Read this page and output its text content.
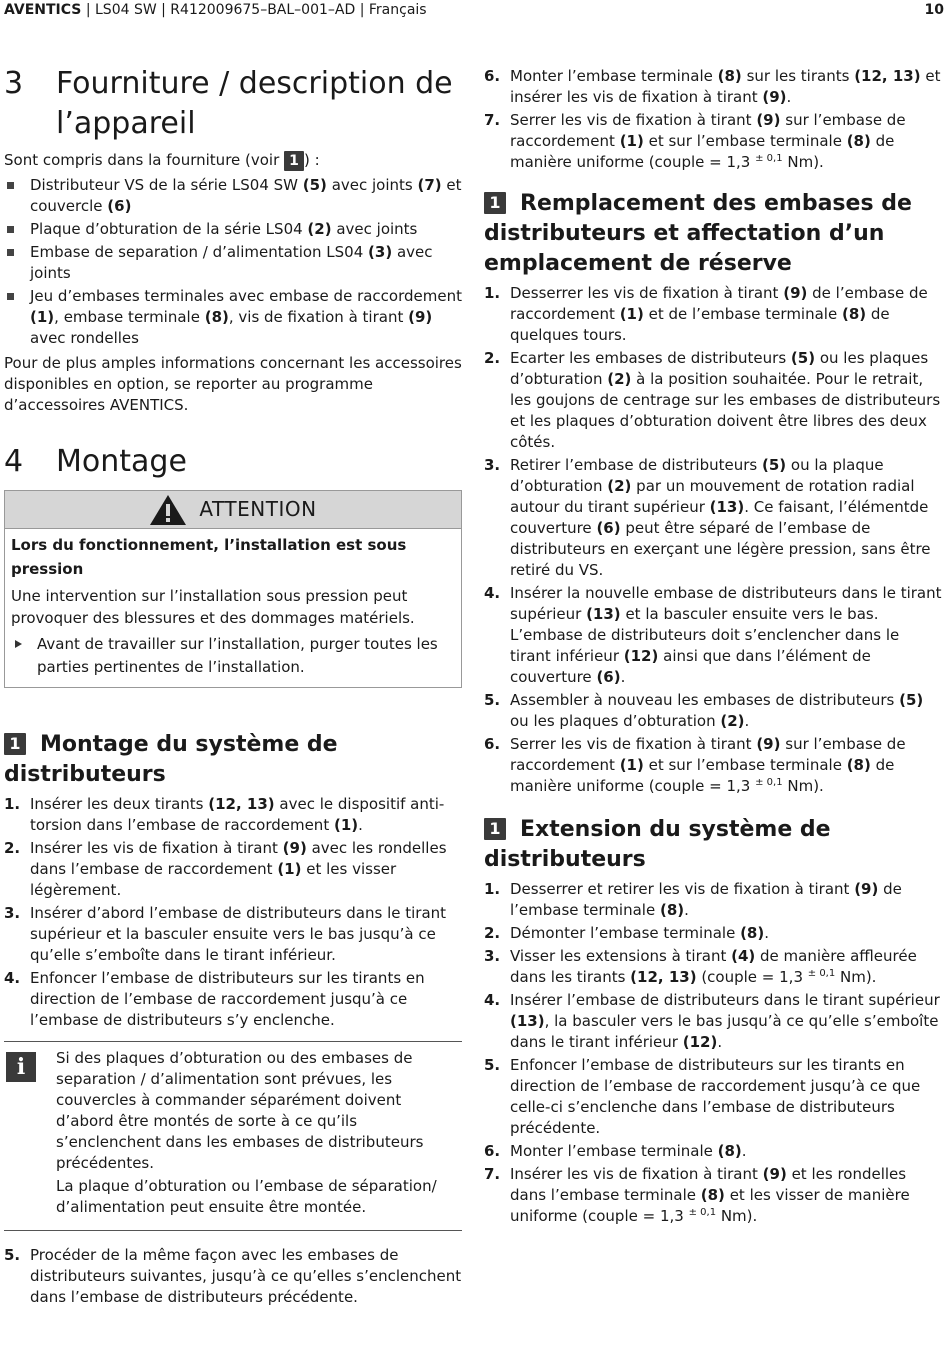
AVENTICS | LS04 SW | R412009675–BAL–001–AD | Français	10
3 Fourniture / description de l’appareil

Sont compris dans la fourniture (voir 1 ) :

Distributeur VS de la série LS04 SW (5) avec joints (7) et couvercle (6)
Plaque d’obturation de la série LS04 (2) avec joints
Embase de separation / d’alimentation LS04 (3) avec joints
Jeu d’embases terminales avec embase de raccordement (1), embase terminale (8), vis de fixation à tirant (9) avec rondelles

Pour de plus amples informations concernant les accessoires disponibles en option, se reporter au programme d’accessoires AVENTICS.

4 Montage
ATTENTION

Lors du fonctionnement, l’installation est sous pression

Une intervention sur l’installation sous pression peut provoquer des blessures et des dommages matériels.

Avant de travailler sur l’installation, purger toutes les parties pertinentes de l’installation.

1 Montage du système de distributeurs
1. Insérer les deux tirants (12, 13) avec le dispositif anti-torsion dans l’embase de raccordement (1).
2. Insérer les vis de fixation à tirant (9) avec les rondelles dans l’embase de raccordement (1) et les visser légèrement.
3. Insérer d’abord l’embase de distributeurs dans le tirant supérieur et la basculer ensuite vers le bas jusqu’à ce qu’elle s’emboîte dans le tirant inférieur.
4. Enfoncer l’embase de distributeurs sur les tirants en direction de l’embase de raccordement jusqu’à ce l’embase de distributeurs s’y enclenche.
i	Si des plaques d’obturation ou des embases de separation / d’alimentation sont prévues, les couvercles à commander séparément doivent d’abord être montés de sorte à ce qu’ils s’enclenchent dans les embases de distributeurs précédentes.

La plaque d’obturation ou l’embase de séparation/ d’alimentation peut ensuite être montée.

5. Procéder de la même façon avec les embases de distributeurs suivantes, jusqu’à ce qu’elles s’enclenchent dans l’embase de distributeurs précédente.
6. Monter l’embase terminale (8) sur les tirants (12, 13) et insérer les vis de fixation à tirant (9).
7. Serrer les vis de fixation à tirant (9) sur l’embase de raccordement (1) et sur l’embase terminale (8) de manière uniforme (couple = 1,3 $^{\pm 0,1}$ Nm).
1 Remplacement des embases de distributeurs et affectation d’un emplacement de réserve
1. Desserrer les vis de fixation à tirant (9) de l’embase de raccordement (1) et de l’embase terminale (8) de quelques tours.
2. Ecarter les embases de distributeurs (5) ou les plaques d’obturation (2) à la position souhaitée. Pour le retrait, les goujons de centrage sur les embases de distributeurs et les plaques d’obturation doivent être libres des deux côtés.
3. Retirer l’embase de distributeurs (5) ou la plaque d’obturation (2) par un mouvement de rotation radial autour du tirant supérieur (13). Ce faisant, l’élémentde couverture (6) peut être séparé de l’embase de distributeurs en exerçant une légère pression, sans être retiré du VS.
4. Insérer la nouvelle embase de distributeurs dans le tirant supérieur (13) et la basculer ensuite vers le bas. L’embase de distributeurs doit s’enclencher dans le tirant inférieur (12) ainsi que dans l’élément de couverture (6).
5. Assembler à nouveau les embases de distributeurs (5) ou les plaques d’obturation (2).
6. Serrer les vis de fixation à tirant (9) sur l’embase de raccordement (1) et sur l’embase terminale (8) de manière uniforme (couple = 1,3 $^{\pm 0,1}$ Nm).
1 Extension du système de distributeurs
1. Desserrer et retirer les vis de fixation à tirant (9) de l’embase terminale (8).
2. Démonter l’embase terminale (8).
3. Visser les extensions à tirant (4) de manière affleurée dans les tirants (12, 13) (couple = 1,3 $^{\pm 0,1}$ Nm).
4. Insérer l’embase de distributeurs dans le tirant supérieur (13), la basculer vers le bas jusqu’à ce qu’elle s’emboîte dans le tirant inférieur (12).
5. Enfoncer l’embase de distributeurs sur les tirants en direction de l’embase de raccordement jusqu’à ce que celle-ci s’enclenche dans l’embase de distributeurs précédente.
6. Monter l’embase terminale (8).
7. Insérer les vis de fixation à tirant (9) et les rondelles dans l’embase terminale (8) et les visser de manière uniforme (couple = 1,3 $^{\pm 0,1}$ Nm).
